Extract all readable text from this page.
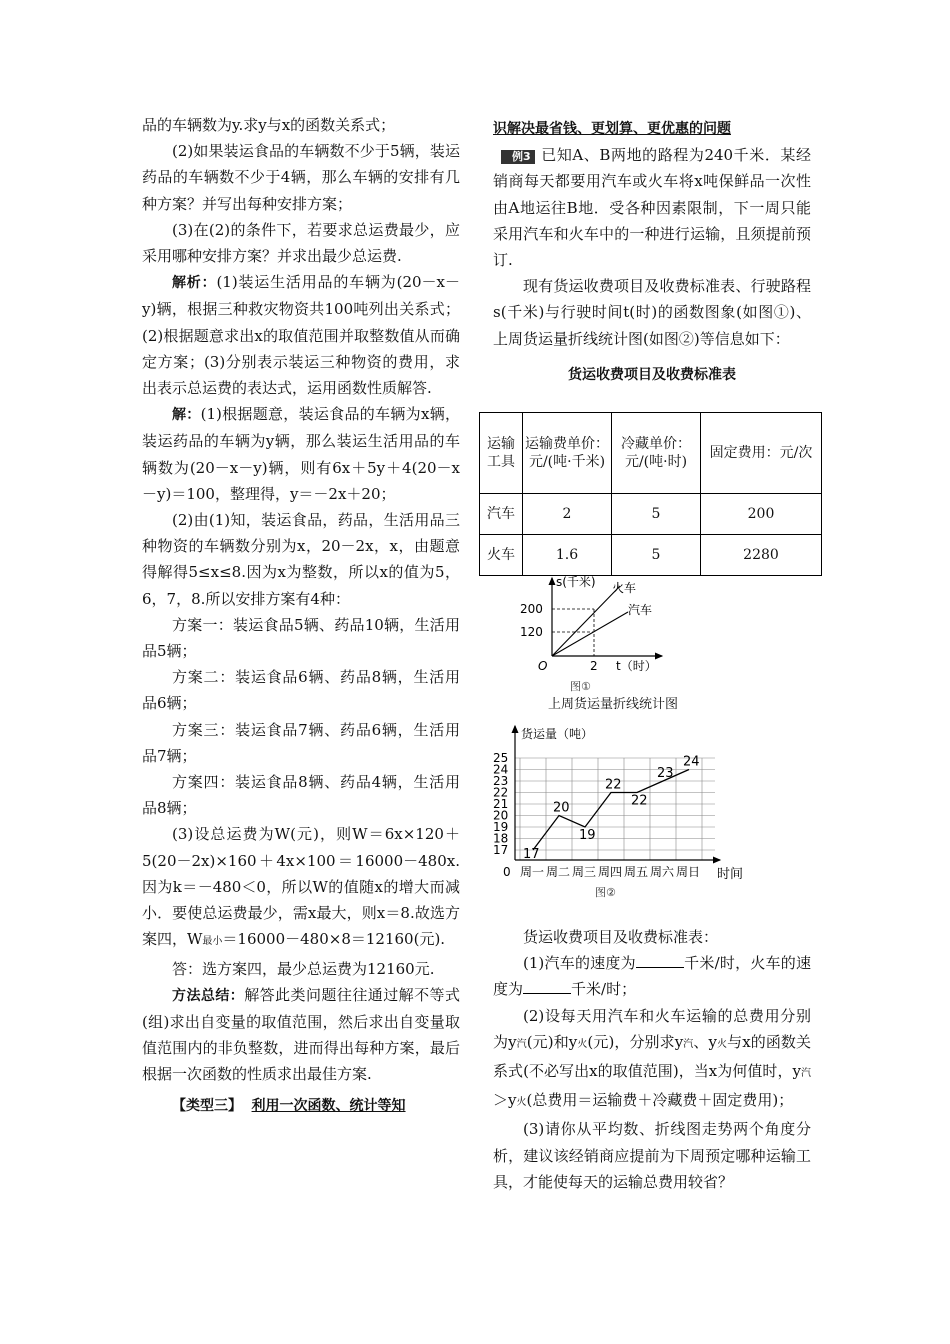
品的车辆数为y.求y与x的函数关系式；

(2)如果装运食品的车辆数不少于5辆，装运药品的车辆数不少于4辆，那么车辆的安排有几种方案？并写出每种安排方案；

(3)在(2)的条件下，若要求总运费最少，应采用哪种安排方案？并求出最少总运费.

解析：(1)装运生活用品的车辆为(20－x－y)辆，根据三种救灾物资共100吨列出关系式；(2)根据题意求出x的取值范围并取整数值从而确定方案；(3)分别表示装运三种物资的费用，求出表示总运费的表达式，运用函数性质解答.

解：(1)根据题意，装运食品的车辆为x辆，装运药品的车辆为y辆，那么装运生活用品的车辆数为(20－x－y)辆，则有6x＋5y＋4(20－x－y)＝100，整理得，y＝－2x＋20；

(2)由(1)知，装运食品，药品，生活用品三种物资的车辆数分别为x，20－2x，x，由题意得解得5≤x≤8.因为x为整数，所以x的值为5，6，7，8.所以安排方案有4种：

方案一：装运食品5辆、药品10辆，生活用品5辆；

方案二：装运食品6辆、药品8辆，生活用品6辆；

方案三：装运食品7辆、药品6辆，生活用品7辆；

方案四：装运食品8辆、药品4辆，生活用品8辆；

(3)设总运费为W(元)，则W＝6x×120＋5(20－2x)×160＋4x×100＝16000－480x.因为k＝－480＜0，所以W的值随x的增大而减小．要使总运费最少，需x最大，则x＝8.故选方案四，W最小＝16000－480×8＝12160(元).

答：选方案四，最少总运费为12160元.

方法总结：解答此类问题往往通过解不等式(组)求出自变量的取值范围，然后求出自变量取值范围内的非负整数，进而得出每种方案，最后根据一次函数的性质求出最佳方案.

【类型三】 利用一次函数、统计等知

识解决最省钱、更划算、更优惠的问题

例3 已知A、B两地的路程为240千米．某经销商每天都要用汽车或火车将x吨保鲜品一次性由A地运往B地．受各种因素限制，下一周只能采用汽车和火车中的一种进行运输，且须提前预订.

现有货运收费项目及收费标准表、行驶路程s(千米)与行驶时间t(时)的函数图象(如图①)、上周货运量折线统计图(如图②)等信息如下：

货运收费项目及收费标准表

运输工具	运输费单价：元/(吨·千米)	冷藏单价：元/(吨·时)	固定费用：元/次
汽车	2	5	200
火车	1.6	5	2280
s(千米)
200
120
2
O	t（时）
火车
汽车
图①
上周货运量折线统计图
货运量（吨）
时间
0
17
18
19
20
21
22
23
24
25
周一 周二 周三 周四 周五 周六 周日
17
20
19
22
22
23
24
图②

货运收费项目及收费标准表：

(1)汽车的速度为	千米/时，火车的速度为	千米/时；

(2)设每天用汽车和火车运输的总费用分别为y汽(元)和y火(元)，分别求y汽、y火与x的函数关系式(不必写出x的取值范围)，当x为何值时，y汽＞y火(总费用＝运输费＋冷藏费＋固定费用)；

(3)请你从平均数、折线图走势两个角度分析，建议该经销商应提前为下周预定哪种运输工具，才能使每天的运输总费用较省？
